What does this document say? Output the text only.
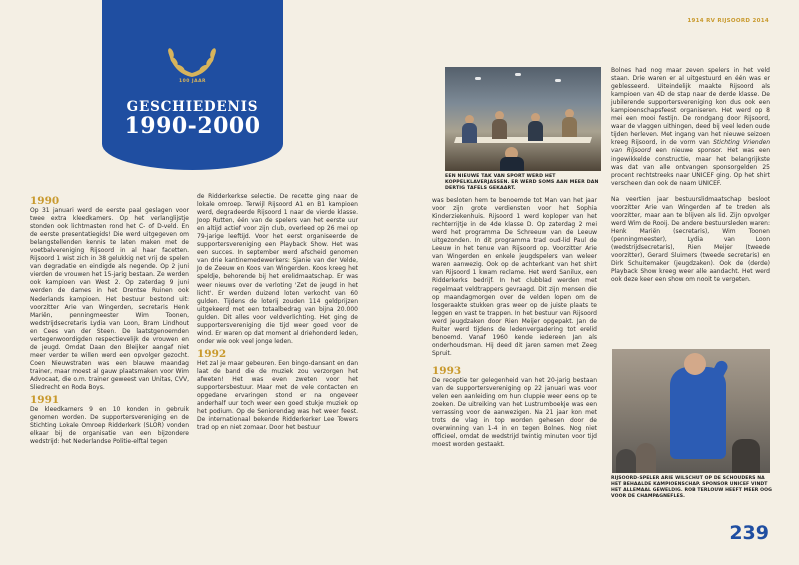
100 JAAR
GESCHIEDENIS
1990-2000
1914 RV RIJSOORD 2014
1990

Op 31 januari werd de eerste paal geslagen voor twee extra kleedkamers. Op het verlanglijstje stonden ook lichtmasten rond het C- of D-veld. En de eerste presentatiegids! Die werd uitgegeven om belangstellenden kennis te laten maken met de voetbalvereniging Rijsoord in al haar facetten. Rijsoord 1 wist zich in 38 gelukkig net vrij de spelen van degradatie en eindigde als negende. Op 2 juni vierden de vrouwen het 15-jarig bestaan. Ze werden ook kampioen van West 2. Op zaterdag 9 juni werden de dames in het Drentse Ruinen ook Nederlands kampioen. Het bestuur bestond uit: voorzitter Arie van Wingerden, secretaris Henk Mariën, penningmeester Wim Toonen, wedstrijdsecretaris Lydia van Loon, Bram Lindhout en Cees van der Steen. De laatstgenoemden vertegenwoordigden respectievelijk de vrouwen en de jeugd. Omdat Daan den Bleijker aangaf niet meer verder te willen werd een opvolger gezocht. Coen Nieuwstraten was een blauwe maandag trainer, maar moest al gauw plaatsmaken voor Wim Advocaat, die o.m. trainer geweest van Unitas, CVV, Sliedrecht en Roda Boys.

1991

De kleedkamers 9 en 10 konden in gebruik genomen worden. De supportersvereniging en de Stichting Lokale Omroep Ridderkerk (SLOR) vonden elkaar bij de organisatie van een bijzondere wedstrijd: het Nederlandse Politie-elftal tegen

de Ridderkerkse selectie. De recette ging naar de lokale omroep. Terwijl Rijsoord A1 en B1 kampioen werd, degradeerde Rijsoord 1 naar de vierde klasse. Joop Rutten, één van de spelers van het eerste uur en altijd actief voor zijn club, overleed op 26 mei op 79-jarige leeftijd. Voor het eerst organiseerde de supportersvereniging een Playback Show. Het was een succes. In september werd afscheid genomen van drie kantinemedewerkers: Sjanie van der Velde, Jo de Zeeuw en Koos van Wingerden. Koos kreeg het speldje, behorende bij het erelidmaatschap. Er was weer nieuws over de verloting 'Zet de jeugd in het licht'. Er werden duizend loten verkocht van 60 gulden. Tijdens de loterij zouden 114 geldprijzen uitgekeerd met een totaalbedrag van bijna 20.000 gulden. Dit alles voor veldverlichting. Het ging de supportersvereniging die tijd weer goed voor de wind. Er waren op dat moment al driehonderd leden, onder wie ook veel jonge leden.

1992

Het zal je maar gebeuren. Een bingo-dansant en dan laat de band die de muziek zou verzorgen het afweten! Het was even zweten voor het supportersbestuur. Maar met de vele contacten en opgedane ervaringen stond er na ongeveer anderhalf uur toch weer een goed stukje muziek op het podium. Op de Seniorendag was het weer feest. De internationaal bekende Ridderkerker Lee Towers trad op en niet zomaar. Door het bestuur

EEN NIEUWE TAK VAN SPORT WERD HET KOPPELKLAVERJASSEN. ER WERD SOMS AAN MEER DAN DERTIG TAFELS GEKAART.

was besloten hem te benoemde tot Man van het jaar voor zijn grote verdiensten voor het Sophia Kinderziekenhuis. Rijsoord 1 werd koploper van het rechterrijtje in de 4de klasse D. Op zaterdag 2 mei werd het programma De Schreeuw van de Leeuw uitgezonden. In dit programma trad oud-lid Paul de Leeuw in het tenue van Rijsoord op. Voorzitter Arie van Wingerden en enkele jeugdspelers van weleer waren aanwezig. Ook op de achterkant van het shirt van Rijsoord 1 kwam reclame. Het werd Sanilux, een Ridderkerks bedrijf. In het clubblad werden met regelmaat veldtrappers gevraagd. Dit zijn mensen die op maandagmorgen over de velden lopen om de losgeraakte stukken gras weer op de juiste plaats te leggen en vast te trappen. In het bestuur van Rijsoord werd jeugdzaken door Rien Meijer opgepakt. Jan de Ruiter werd tijdens de ledenvergadering tot erelid benoemd. Vanaf 1960 kende iedereen Jan als onderhoudsman. Hij deed dit jaren samen met Zeeg Spruit.

1993

De receptie ter gelegenheid van het 20-jarig bestaan van de supportersvereniging op 22 januari was voor velen een aanleiding om hun cluppie weer eens op te zoeken. De uitreiking van het Lustrumboekje was een verrassing voor de aanwezigen. Na 21 jaar kon met trots de vlag in top worden gehesen door de overwinning van 1-4 in en tegen Bolnes. Nog niet officieel, omdat de wedstrijd twintig minuten voor tijd moest worden gestaakt.

Bolnes had nog maar zeven spelers in het veld staan. Drie waren er al uitgestuurd en één was er geblesseerd. Uiteindelijk maakte Rijsoord als kampioen van 4D de stap naar de derde klasse. De jubilerende supportersvereniging kon dus ook een kampioenschapsfeest organiseren. Het werd op 8 mei een mooi festijn. De rondgang door Rijsoord, waar de vlaggen uithingen, deed bij veel leden oude tijden herleven. Met ingang van het nieuwe seizoen kreeg Rijsoord, in de vorm van Stichting Vrienden van Rijsoord een nieuwe sponsor. Het was een ingewikkelde constructie, maar het belangrijkste was dat van alle ontvangen sponsorgelden 25 procent rechtstreeks naar UNICEF ging. Op het shirt verscheen dan ook de naam UNICEF.

Na veertien jaar bestuurslidmaatschap besloot voorzitter Arie van Wingerden af te treden als voorzitter, maar aan te blijven als lid. Zijn opvolger werd Wim de Rooij. De andere bestuursleden waren: Henk Mariën (secretaris), Wim Toonen (penningmeester), Lydia van Loon (wedstrijdsecretaris), Rien Meijer (tweede voorzitter), Gerard Sluimers (tweede secretaris) en Dirk Schuitemaker (jeugdzaken). Ook de (derde) Playback Show kreeg weer alle aandacht. Het werd ook deze keer een show om nooit te vergeten.

RIJSOORD-SPELER ARIE WILSCHUT OP DE SCHOUDERS NA HET BEHAALDE KAMPIOENSCHAP. SPONSOR UNICEF VINDT HET ALLEMAAL GEWELDIG. ROB TERLOUW HEEFT MEER OOG VOOR DE CHAMPAGNEFLES.
239
